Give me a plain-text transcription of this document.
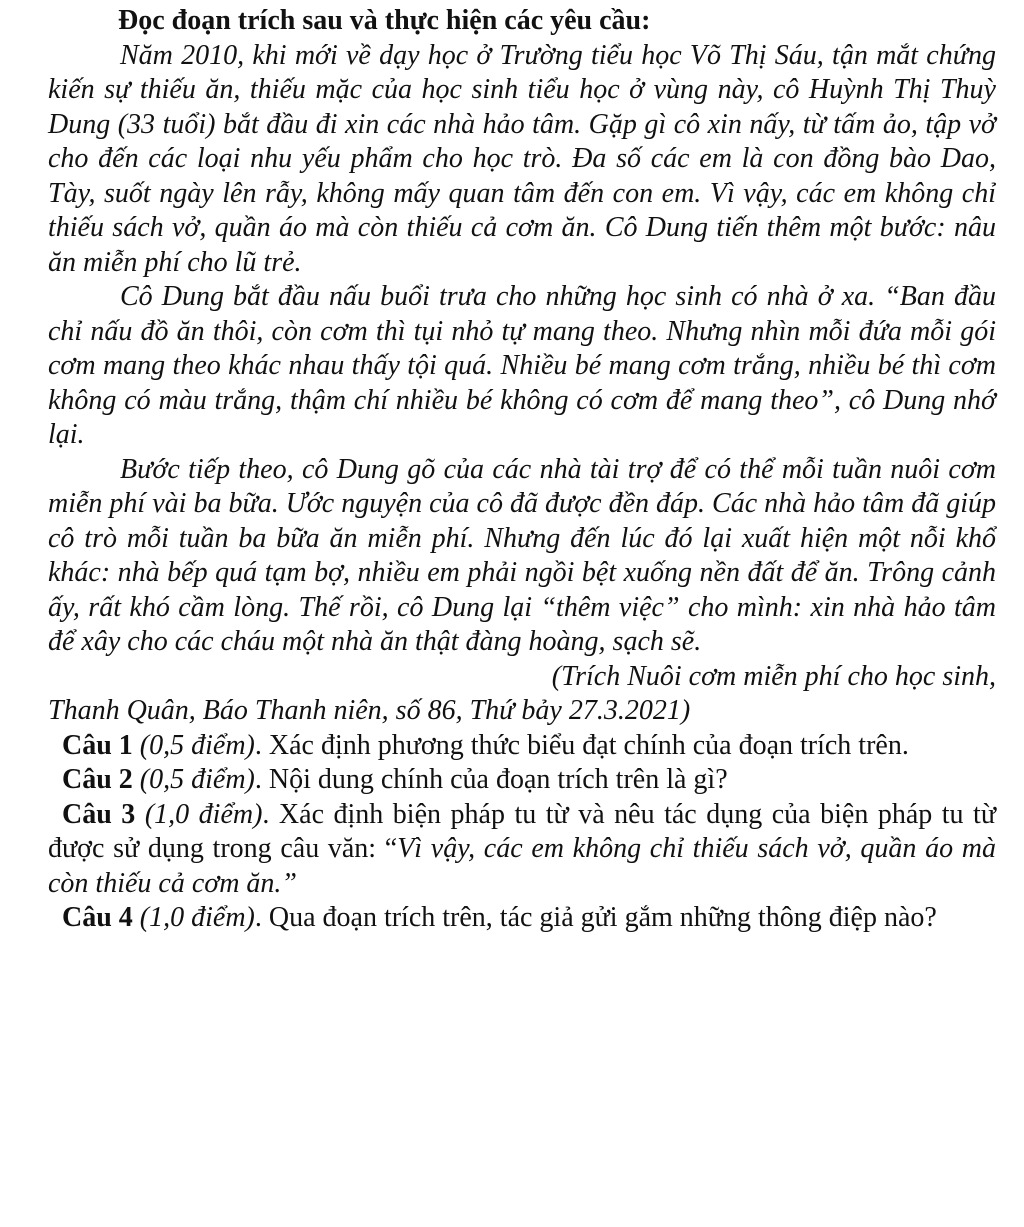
Đọc đoạn trích sau và thực hiện các yêu cầu:

Năm 2010, khi mới về dạy học ở Trường tiểu học Võ Thị Sáu, tận mắt chứng kiến sự thiếu ăn, thiếu mặc của học sinh tiểu học ở vùng này, cô Huỳnh Thị Thuỳ Dung (33 tuổi) bắt đầu đi xin các nhà hảo tâm. Gặp gì cô xin nấy, từ tấm ảo, tập vở cho đến các loại nhu yếu phẩm cho học trò. Đa số các em là con đồng bào Dao, Tày, suốt ngày lên rẫy, không mấy quan tâm đến con em. Vì vậy, các em không chỉ thiếu sách vở, quần áo mà còn thiếu cả cơm ăn. Cô Dung tiến thêm một bước: nâu ăn miễn phí cho lũ trẻ.

Cô Dung bắt đầu nấu buổi trưa cho những học sinh có nhà ở xa. “Ban đầu chỉ nấu đồ ăn thôi, còn cơm thì tụi nhỏ tự mang theo. Nhưng nhìn mỗi đứa mỗi gói cơm mang theo khác nhau thấy tội quá. Nhiều bé mang cơm trắng, nhiều bé thì cơm không có màu trắng, thậm chí nhiều bé không có cơm để mang theo”, cô Dung nhớ lại.

Bước tiếp theo, cô Dung gõ của các nhà tài trợ để có thể mỗi tuần nuôi cơm miễn phí vài ba bữa. Ước nguyện của cô đã được đền đáp. Các nhà hảo tâm đã giúp cô trò mỗi tuần ba bữa ăn miễn phí. Nhưng đến lúc đó lại xuất hiện một nỗi khổ khác: nhà bếp quá tạm bợ, nhiều em phải ngồi bệt xuống nền đất để ăn. Trông cảnh ấy, rất khó cầm lòng. Thế rồi, cô Dung lại “thêm việc” cho mình: xin nhà hảo tâm để xây cho các cháu một nhà ăn thật đàng hoàng, sạch sẽ.

(Trích Nuôi cơm miễn phí cho học sinh,
Thanh Quân, Báo Thanh niên, số 86, Thứ bảy 27.3.2021)

Câu 1 (0,5 điểm). Xác định phương thức biểu đạt chính của đoạn trích trên.

Câu 2 (0,5 điểm). Nội dung chính của đoạn trích trên là gì?

Câu 3 (1,0 điểm). Xác định biện pháp tu từ và nêu tác dụng của biện pháp tu từ được sử dụng trong câu văn: “Vì vậy, các em không chỉ thiếu sách vở, quần áo mà còn thiếu cả cơm ăn.”

Câu 4 (1,0 điểm). Qua đoạn trích trên, tác giả gửi gắm những thông điệp nào?
